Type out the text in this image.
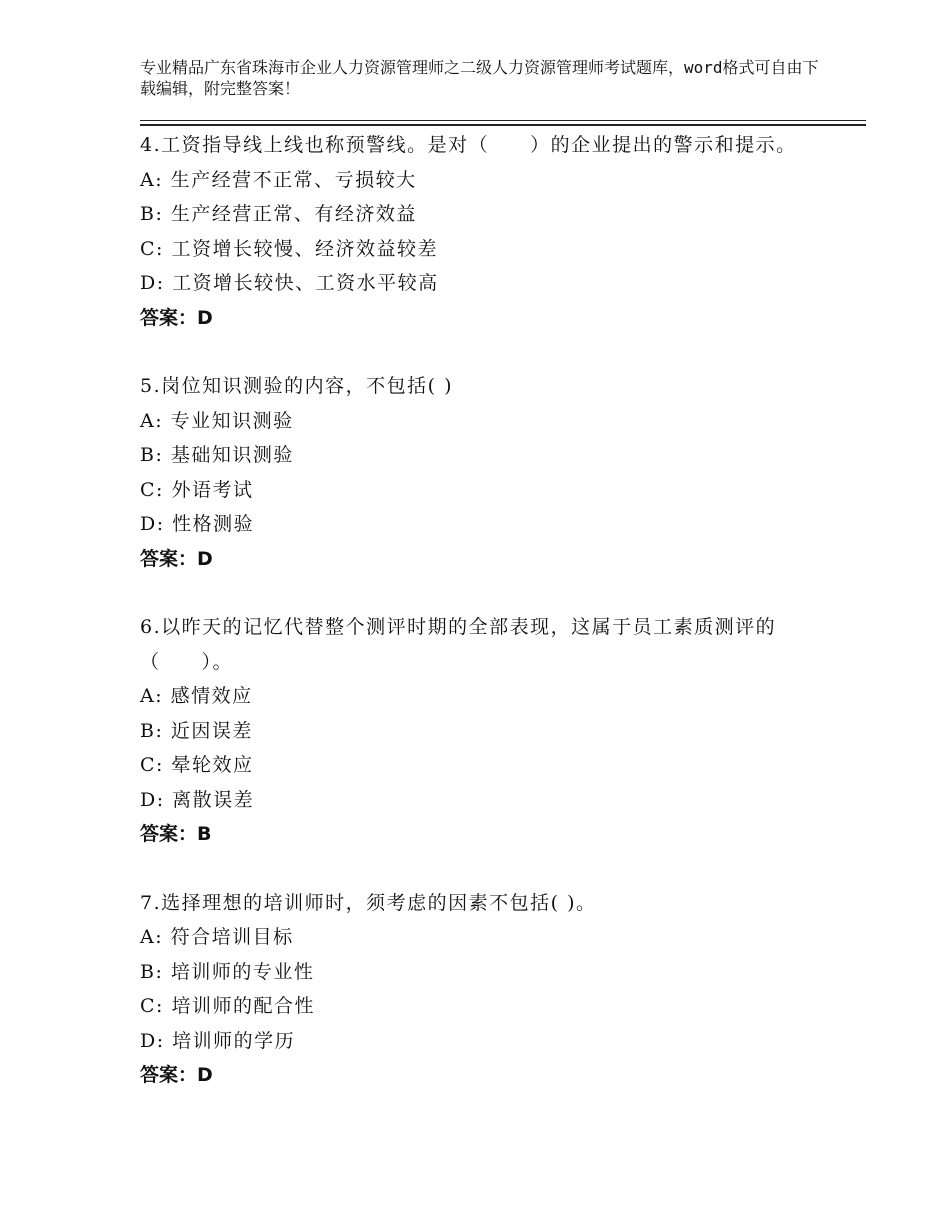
专业精品广东省珠海市企业人力资源管理师之二级人力资源管理师考试题库，word格式可自由下载编辑，附完整答案！
4.工资指导线上线也称预警线。是对（　　）的企业提出的警示和提示。
A: 生产经营不正常、亏损较大
B: 生产经营正常、有经济效益
C: 工资增长较慢、经济效益较差
D: 工资增长较快、工资水平较高
答案：D
5.岗位知识测验的内容，不包括( )
A: 专业知识测验
B: 基础知识测验
C: 外语考试
D: 性格测验
答案：D
6.以昨天的记忆代替整个测评时期的全部表现，这属于员工素质测评的（　　）。
A: 感情效应
B: 近因误差
C: 晕轮效应
D: 离散误差
答案：B
7.选择理想的培训师时，须考虑的因素不包括( )。
A: 符合培训目标
B: 培训师的专业性
C: 培训师的配合性
D: 培训师的学历
答案：D
